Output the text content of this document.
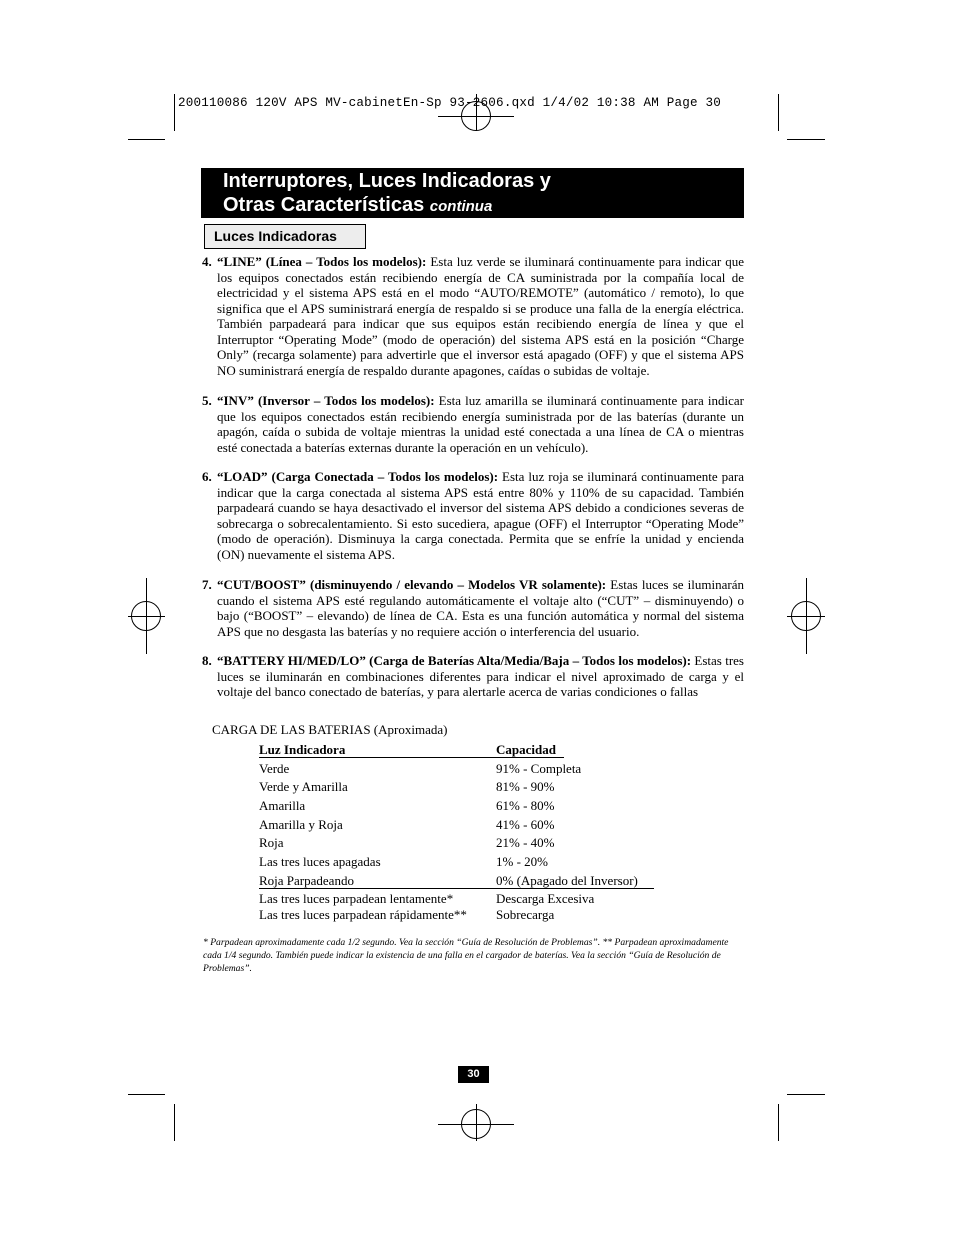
200110086 120V APS MV-cabinetEn-Sp 93-2606.qxd 1/4/02 10:38 AM Page 30
Interruptores, Luces Indicadoras y
Otras Características continua
Luces Indicadoras
4. “LINE” (Línea – Todos los modelos): Esta luz verde se iluminará continuamente para indicar que los equipos conectados están recibiendo energía de CA suministrada por la compañía local de electricidad y el sistema APS está en el modo “AUTO/REMOTE” (automático / remoto), lo que significa que el APS suministrará energía de respaldo si se produce una falla de la energía eléctrica. También parpadeará para indicar que sus equipos están recibiendo energía de línea y que el Interruptor “Operating Mode” (modo de operación) del sistema APS está en la posición “Charge Only” (recarga solamente) para advertirle que el inversor está apagado (OFF) y que el sistema APS NO suministrará energía de respaldo durante apagones, caídas o subidas de voltaje.
5. “INV” (Inversor – Todos los modelos): Esta luz amarilla se iluminará continuamente para indicar que los equipos conectados están recibiendo energía suministrada por de las baterías (durante un apagón, caída o subida de voltaje mientras la unidad esté conectada a una línea de CA o mientras esté conectada a baterías externas durante la operación en un vehículo).
6. “LOAD” (Carga Conectada – Todos los modelos): Esta luz roja se iluminará continuamente para indicar que la carga conectada al sistema APS está entre 80% y 110% de su capacidad. También parpadeará cuando se haya desactivado el inversor del sistema APS debido a condiciones severas de sobrecarga o sobrecalentamiento. Si esto sucediera, apague (OFF) el Interruptor “Operating Mode” (modo de operación). Disminuya la carga conectada. Permita que se enfríe la unidad y encienda (ON) nuevamente el sistema APS.
7. “CUT/BOOST” (disminuyendo / elevando – Modelos VR solamente): Estas luces se iluminarán cuando el sistema APS esté regulando automáticamente el voltaje alto (“CUT” – disminuyendo) o bajo (“BOOST” – elevando) de línea de CA. Esta es una función automática y normal del sistema APS que no desgasta las baterías y no requiere acción o interferencia del usuario.
8. “BATTERY HI/MED/LO” (Carga de Baterías Alta/Media/Baja – Todos los modelos): Estas tres luces se iluminarán en combinaciones diferentes para indicar el nivel aproximado de carga y el voltaje del banco conectado de baterías, y para alertarle acerca de varias condiciones o fallas
CARGA DE LAS BATERIAS (Aproximada)
Luz Indicadora	Capacidad
Verde	91% - Completa
Verde y Amarilla	81% - 90%
Amarilla	61% - 80%
Amarilla y Roja	41% - 60%
Roja	21% - 40%
Las tres luces apagadas	1% - 20%
Roja Parpadeando	0% (Apagado del Inversor)
Las tres luces parpadean lentamente*	Descarga Excesiva
Las tres luces parpadean rápidamente** Sobrecarga
* Parpadean aproximadamente cada 1/2 segundo. Vea la sección “Guía de Resolución de Problemas”. ** Parpadean aproximadamente cada 1/4 segundo. También puede indicar la existencia de una falla en el cargador de baterías. Vea la sección “Guía de Resolución de Problemas”.
30
